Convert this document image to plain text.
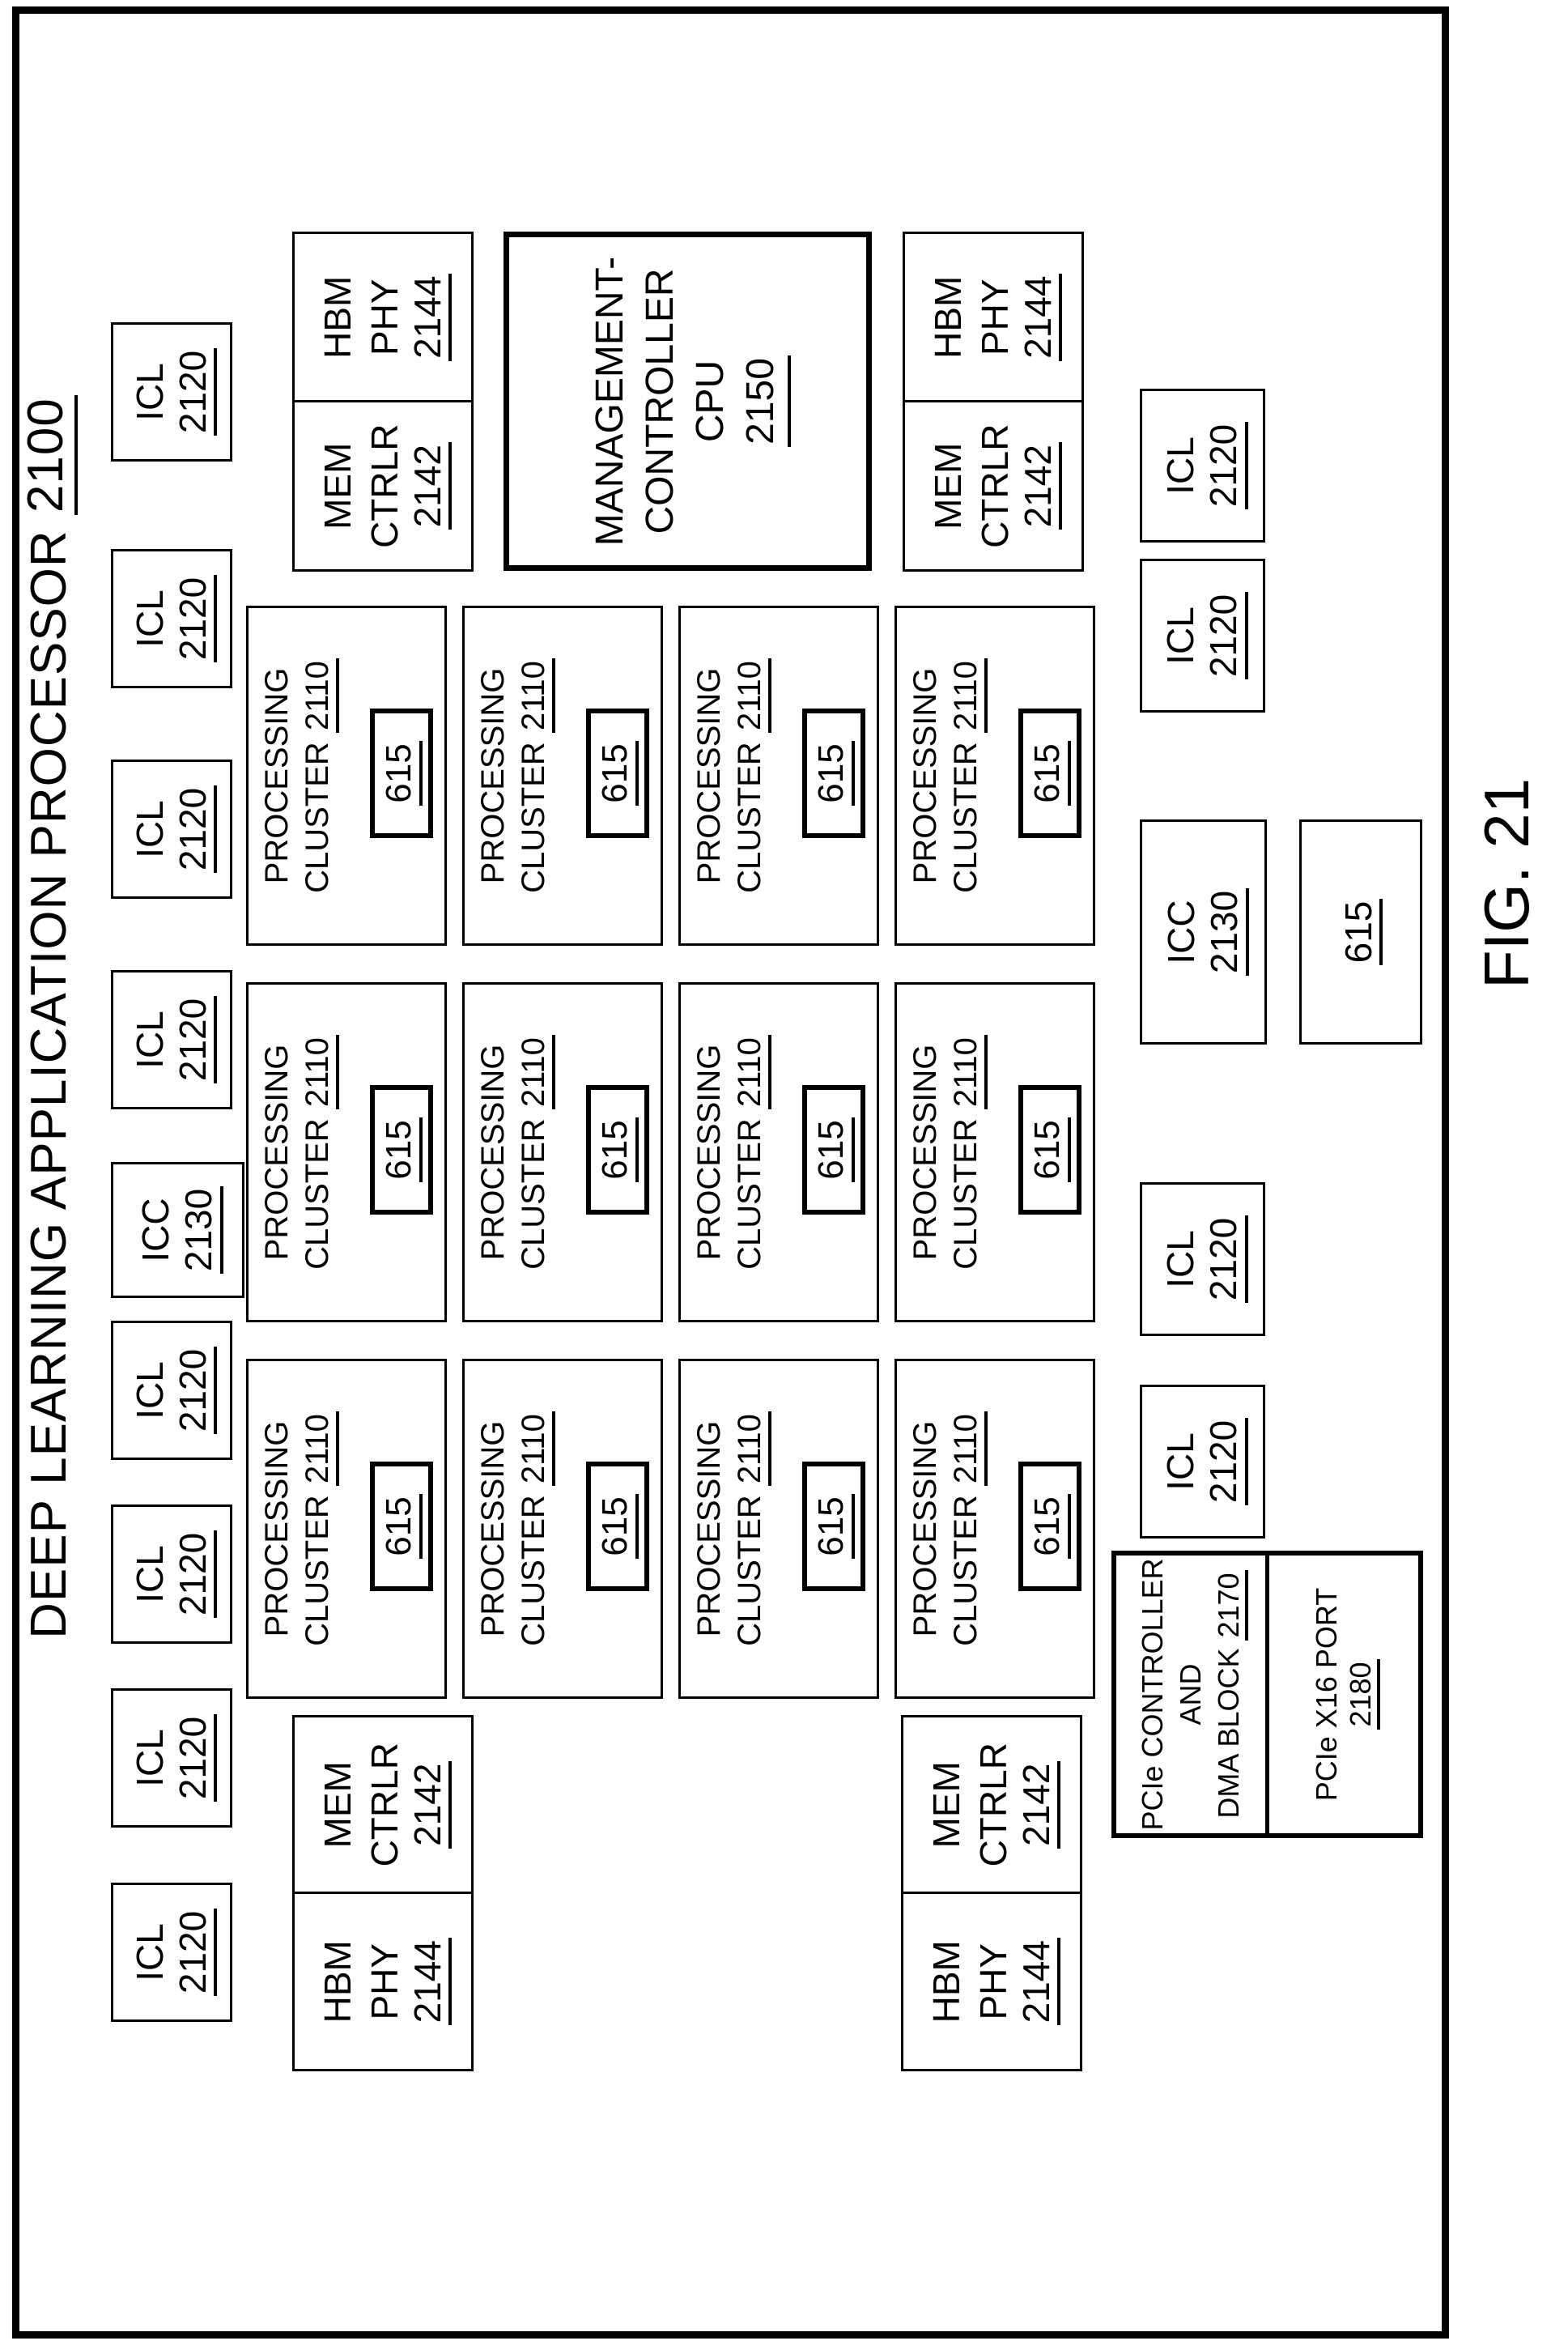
DEEP LEARNING APPLICATION PROCESSOR

2100
ICL 2120
ICL 2120
ICL 2120
ICL 2120
ICC 2130
ICL 2120
ICL 2120
ICL 2120
ICL 2120
HBM PHY 2144
MEM CTRLR 2142
HBM PHY 2144
MEM CTRLR 2142
MEM CTRLR 2142
HBM PHY 2144
MEM CTRLR 2142
HBM PHY 2144
MANAGEMENT- CONTROLLER CPU 2150
PROCESSING CLUSTER 2110
615 PROCESSING CLUSTER 2110
615 PROCESSING CLUSTER 2110
615 PROCESSING CLUSTER 2110
615
PROCESSING CLUSTER 2110
615 PROCESSING CLUSTER 2110
615 PROCESSING CLUSTER 2110
615 PROCESSING CLUSTER 2110
615
PROCESSING CLUSTER 2110
615 PROCESSING CLUSTER 2110
615 PROCESSING CLUSTER 2110
615 PROCESSING CLUSTER 2110
615
ICL 2120
ICL 2120
ICC 2130 615
ICL 2120
ICL 2120
PCIe CONTROLLER AND DMA BLOCK 2170 PCIe X16 PORT 2180
FIG. 21
